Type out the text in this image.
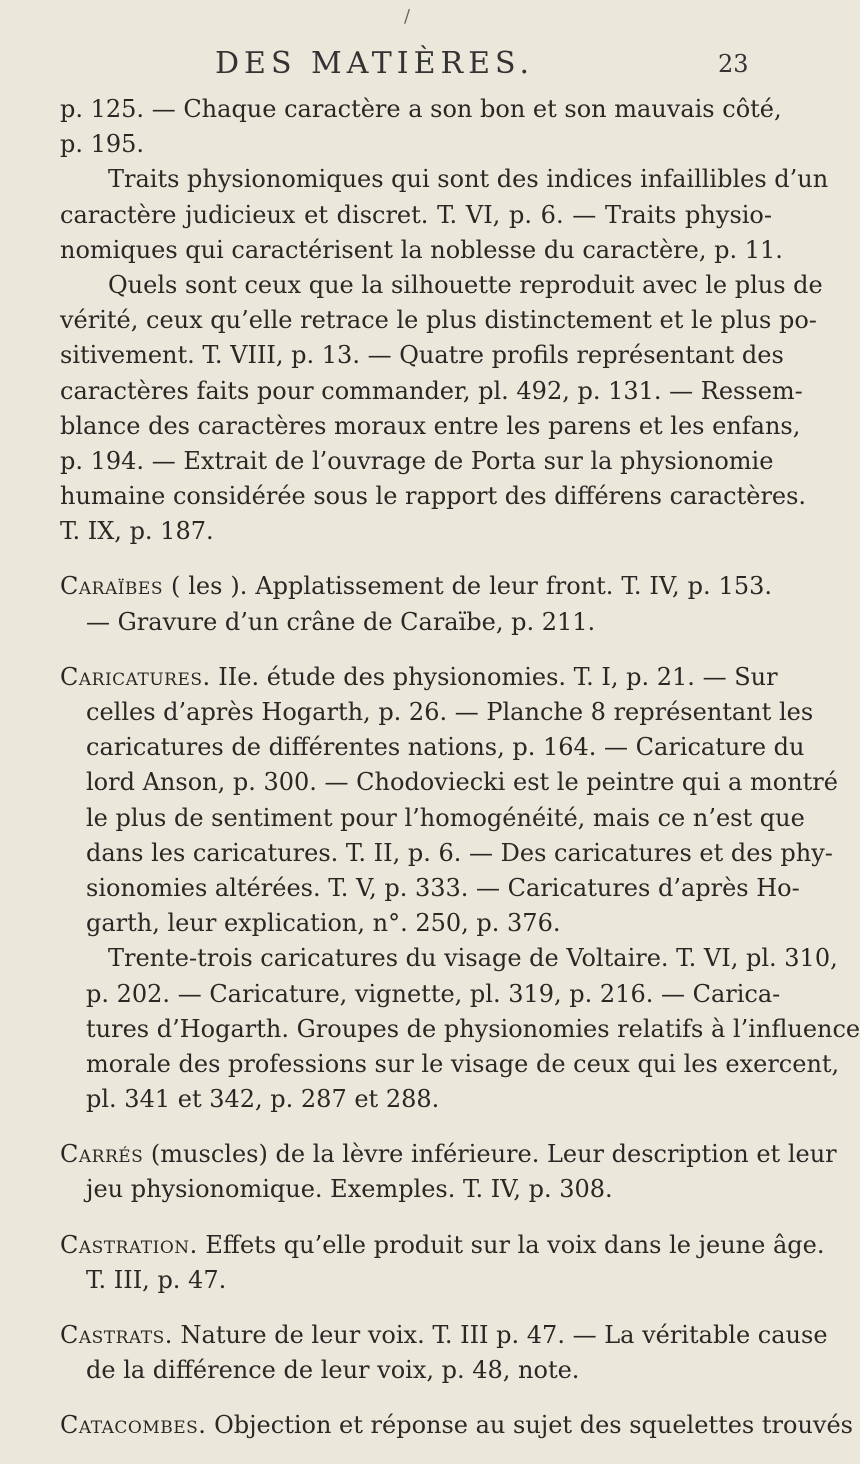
/
DES MATIÈRES.	23
p. 125. — Chaque caractère a son bon et son mauvais côté,
p. 195.
Traits physionomiques qui sont des indices infaillibles d’un
caractère judicieux et discret. T. VI, p. 6. — Traits physio-
nomiques qui caractérisent la noblesse du caractère, p. 11.
Quels sont ceux que la silhouette reproduit avec le plus de
vérité, ceux qu’elle retrace le plus distinctement et le plus po-
sitivement. T. VIII, p. 13. — Quatre profils représentant des
caractères faits pour commander, pl. 492, p. 131. — Ressem-
blance des caractères moraux entre les parens et les enfans,
p. 194. — Extrait de l’ouvrage de Porta sur la physionomie
humaine considérée sous le rapport des différens caractères.
T. IX, p. 187.
Caraïbes ( les ). Applatissement de leur front. T. IV, p. 153.
— Gravure d’un crâne de Caraïbe, p. 211.
Caricatures. IIe. étude des physionomies. T. I, p. 21. — Sur
celles d’après Hogarth, p. 26. — Planche 8 représentant les
caricatures de différentes nations, p. 164. — Caricature du
lord Anson, p. 300. — Chodoviecki est le peintre qui a montré
le plus de sentiment pour l’homogénéité, mais ce n’est que
dans les caricatures. T. II, p. 6. — Des caricatures et des phy-
sionomies altérées. T. V, p. 333. — Caricatures d’après Ho-
garth, leur explication, n°. 250, p. 376.
Trente-trois caricatures du visage de Voltaire. T. VI, pl. 310,
p. 202. — Caricature, vignette, pl. 319, p. 216. — Carica-
tures d’Hogarth. Groupes de physionomies relatifs à l’influence
morale des professions sur le visage de ceux qui les exercent,
pl. 341 et 342, p. 287 et 288.
Carrés (muscles) de la lèvre inférieure. Leur description et leur
jeu physionomique. Exemples. T. IV, p. 308.
Castration. Effets qu’elle produit sur la voix dans le jeune âge.
T. III, p. 47.
Castrats. Nature de leur voix. T. III p. 47. — La véritable cause
de la différence de leur voix, p. 48, note.
Catacombes. Objection et réponse au sujet des squelettes trouvés
